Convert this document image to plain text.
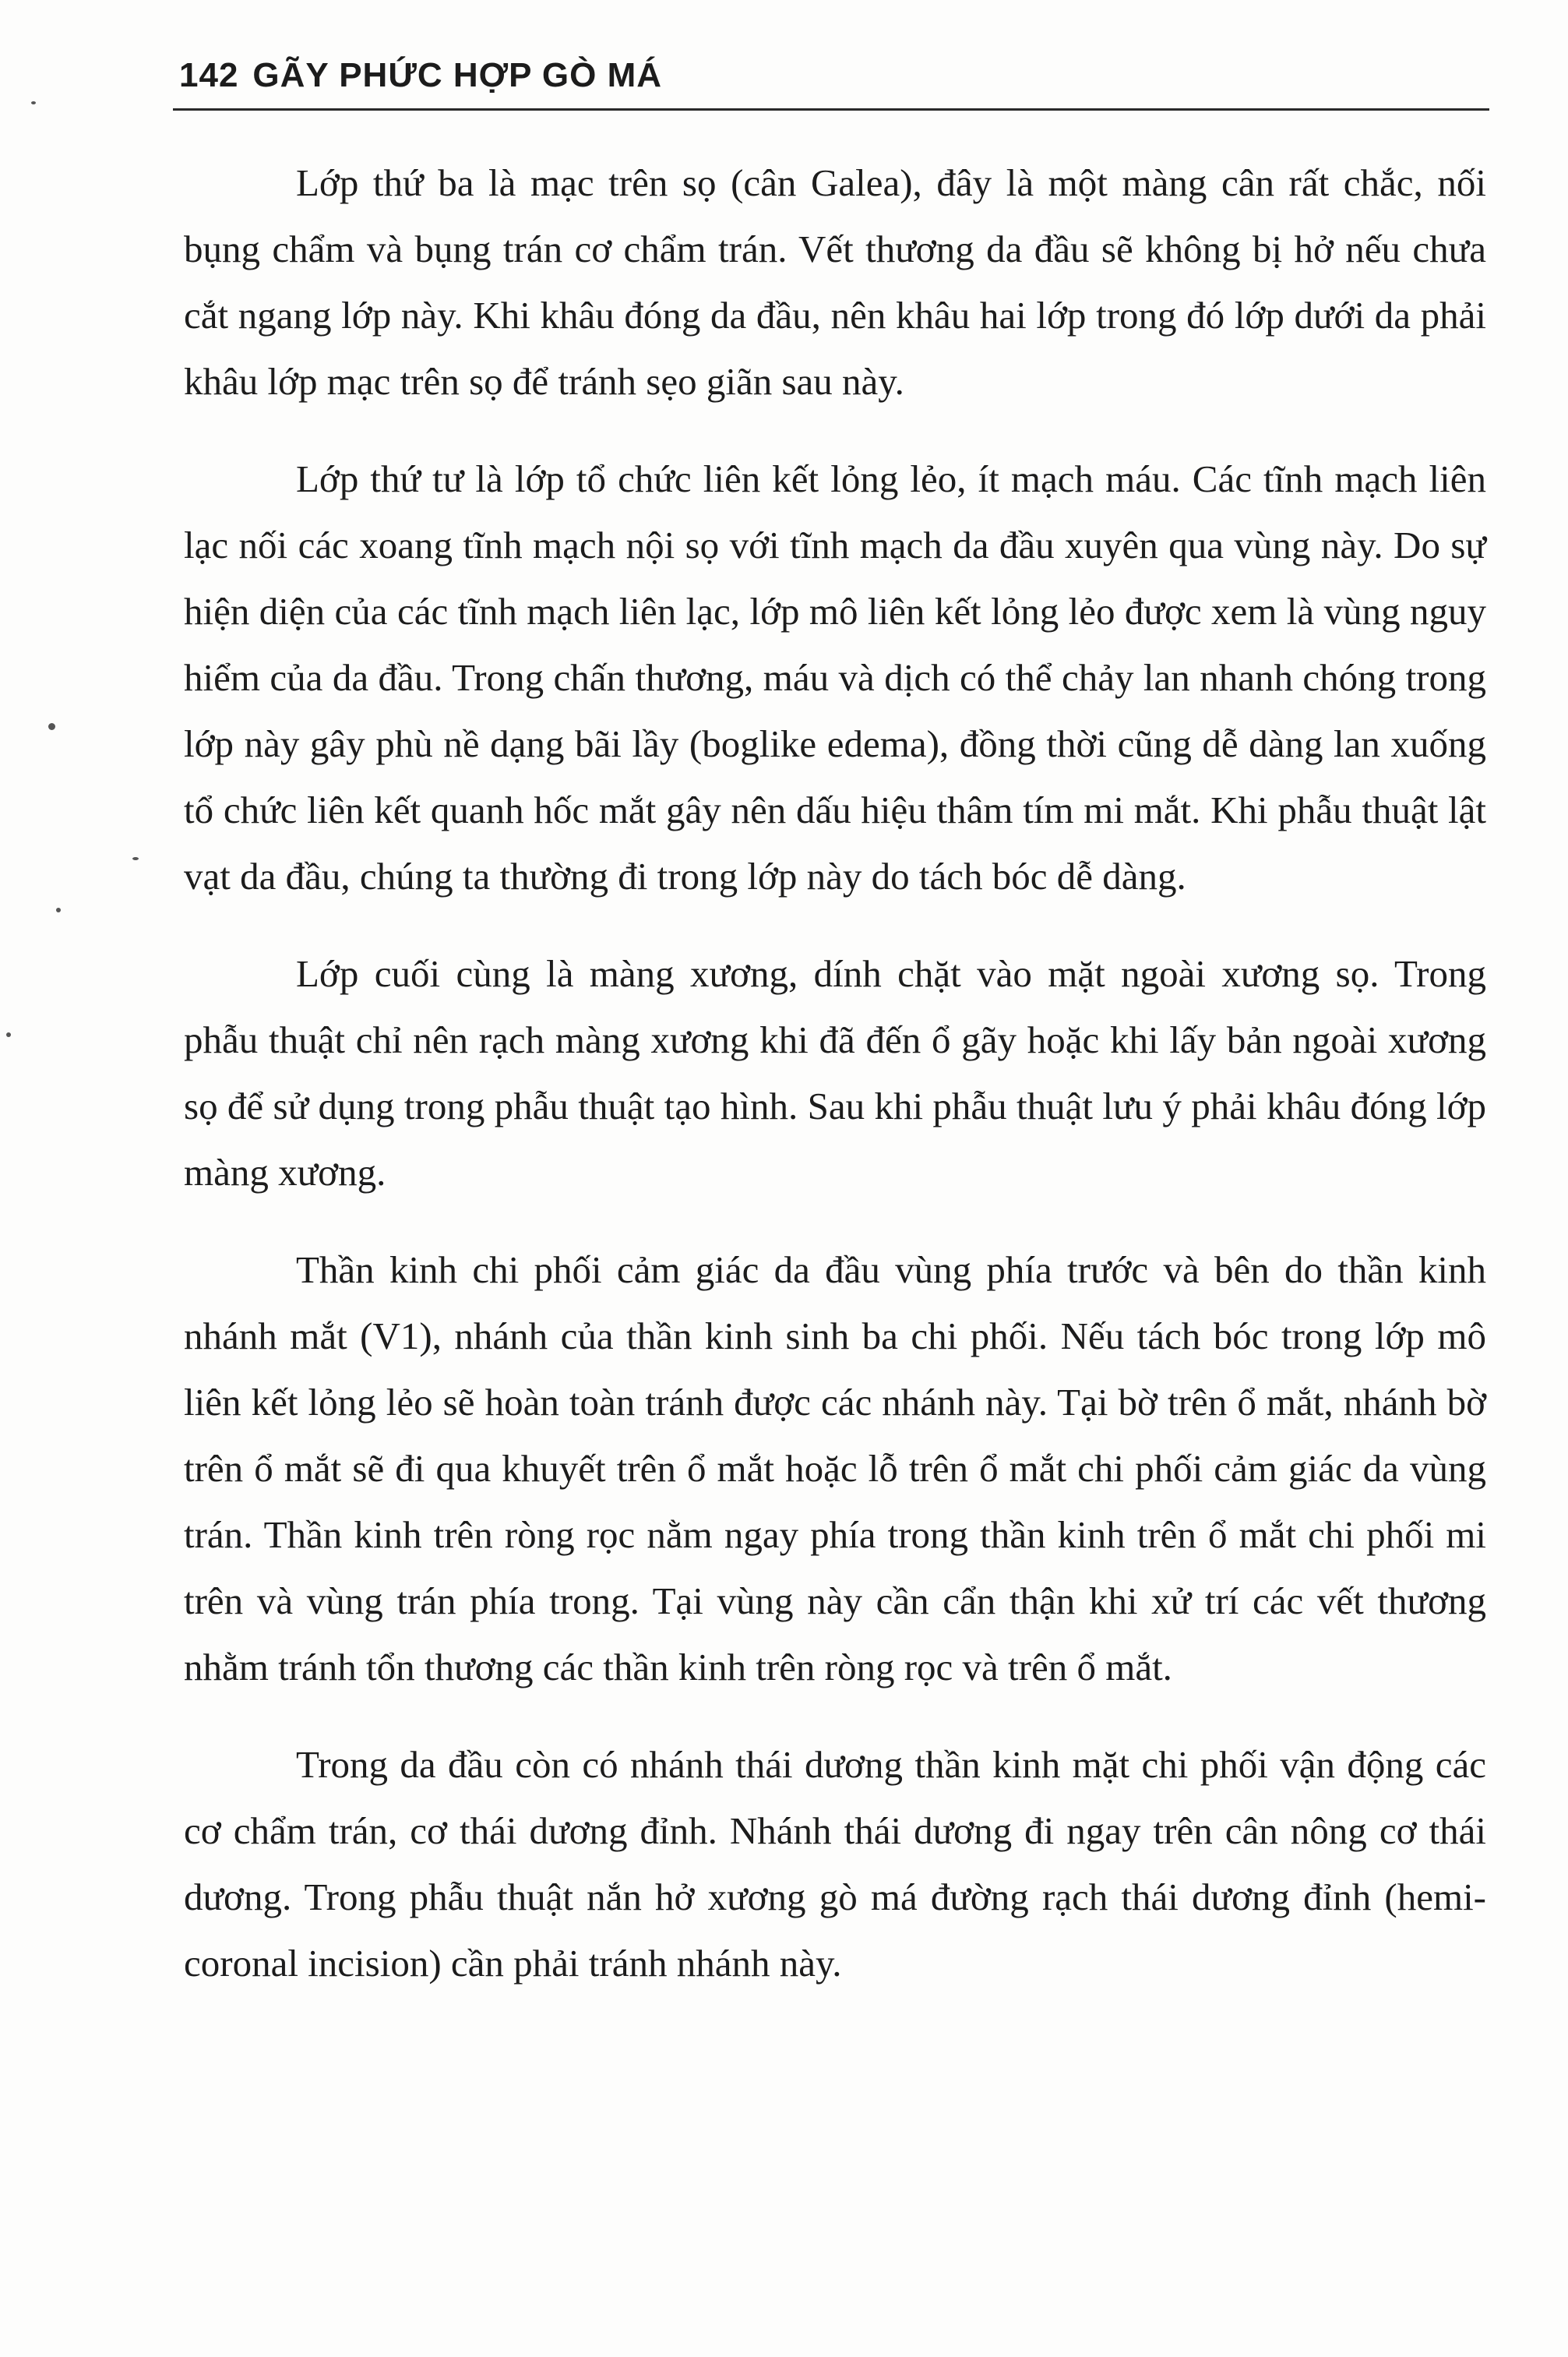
142 GÃY PHỨC HỢP GÒ MÁ

Lớp thứ ba là mạc trên sọ (cân Galea), đây là một màng cân rất chắc, nối bụng chẩm và bụng trán cơ chẩm trán. Vết thương da đầu sẽ không bị hở nếu chưa cắt ngang lớp này. Khi khâu đóng da đầu, nên khâu hai lớp trong đó lớp dưới da phải khâu lớp mạc trên sọ để tránh sẹo giãn sau này.

Lớp thứ tư là lớp tổ chức liên kết lỏng lẻo, ít mạch máu. Các tĩnh mạch liên lạc nối các xoang tĩnh mạch nội sọ với tĩnh mạch da đầu xuyên qua vùng này. Do sự hiện diện của các tĩnh mạch liên lạc, lớp mô liên kết lỏng lẻo được xem là vùng nguy hiểm của da đầu. Trong chấn thương, máu và dịch có thể chảy lan nhanh chóng trong lớp này gây phù nề dạng bãi lầy (boglike edema), đồng thời cũng dễ dàng lan xuống tổ chức liên kết quanh hốc mắt gây nên dấu hiệu thâm tím mi mắt. Khi phẫu thuật lật vạt da đầu, chúng ta thường đi trong lớp này do tách bóc dễ dàng.

Lớp cuối cùng là màng xương, dính chặt vào mặt ngoài xương sọ. Trong phẫu thuật chỉ nên rạch màng xương khi đã đến ổ gãy hoặc khi lấy bản ngoài xương sọ để sử dụng trong phẫu thuật tạo hình. Sau khi phẫu thuật lưu ý phải khâu đóng lớp màng xương.

Thần kinh chi phối cảm giác da đầu vùng phía trước và bên do thần kinh nhánh mắt (V1), nhánh của thần kinh sinh ba chi phối. Nếu tách bóc trong lớp mô liên kết lỏng lẻo sẽ hoàn toàn tránh được các nhánh này. Tại bờ trên ổ mắt, nhánh bờ trên ổ mắt sẽ đi qua khuyết trên ổ mắt hoặc lỗ trên ổ mắt chi phối cảm giác da vùng trán. Thần kinh trên ròng rọc nằm ngay phía trong thần kinh trên ổ mắt chi phối mi trên và vùng trán phía trong. Tại vùng này cần cẩn thận khi xử trí các vết thương nhằm tránh tổn thương các thần kinh trên ròng rọc và trên ổ mắt.

Trong da đầu còn có nhánh thái dương thần kinh mặt chi phối vận động các cơ chẩm trán, cơ thái dương đỉnh. Nhánh thái dương đi ngay trên cân nông cơ thái dương. Trong phẫu thuật nắn hở xương gò má đường rạch thái dương đỉnh (hemi-coronal incision) cần phải tránh nhánh này.
